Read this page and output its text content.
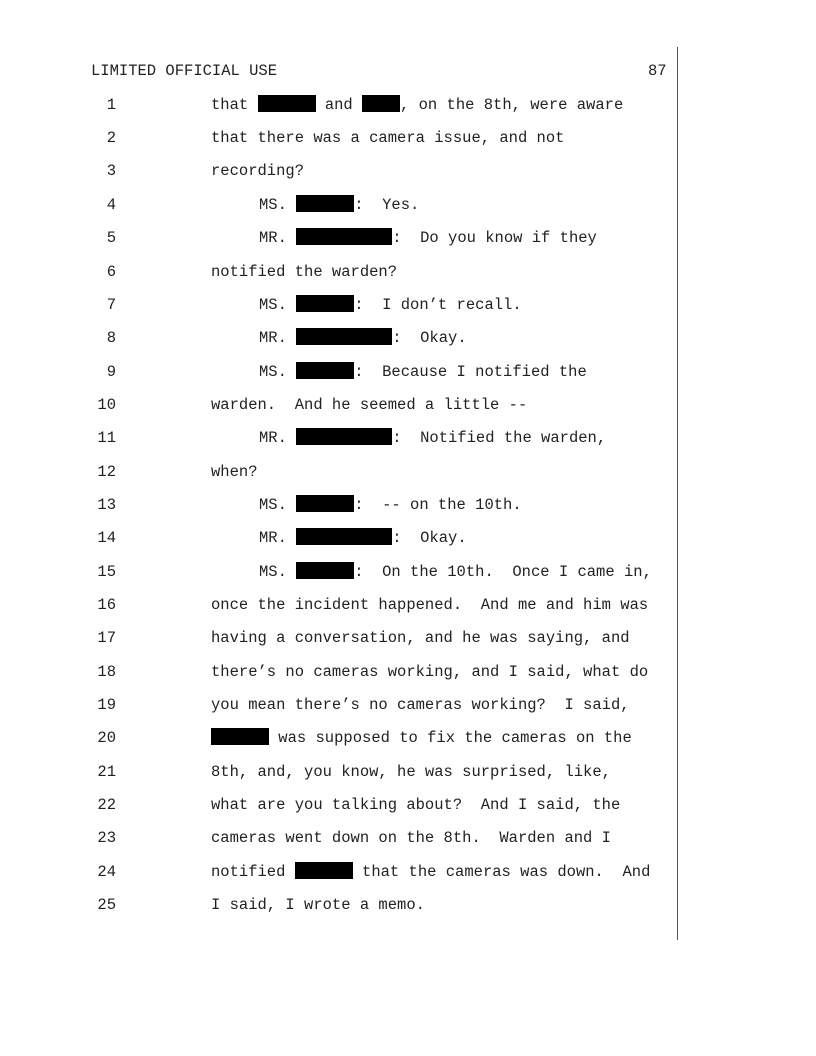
LIMITED OFFICIAL USE	87
1	that	and , on the 8th, were aware
2	that there was a camera issue, and not
3	recording?
4	MS.	:  Yes.
5	MR.	:  Do you know if they
6	notified the warden?
7	MS.	:  I don’t recall.
8	MR.	:  Okay.
9	MS.	:  Because I notified the
10	warden.  And he seemed a little --
11	MR.	:  Notified the warden,
12	when?
13	MS.	:  -- on the 10th.
14	MR.	:  Okay.
15	MS.	:  On the 10th.  Once I came in,
16	once the incident happened.  And me and him was
17	having a conversation, and he was saying, and
18	there’s no cameras working, and I said, what do
19	you mean there’s no cameras working?  I said,
20	was supposed to fix the cameras on the
21	8th, and, you know, he was surprised, like,
22	what are you talking about?  And I said, the
23	cameras went down on the 8th.  Warden and I
24	notified	that the cameras was down.  And
25	I said, I wrote a memo.
